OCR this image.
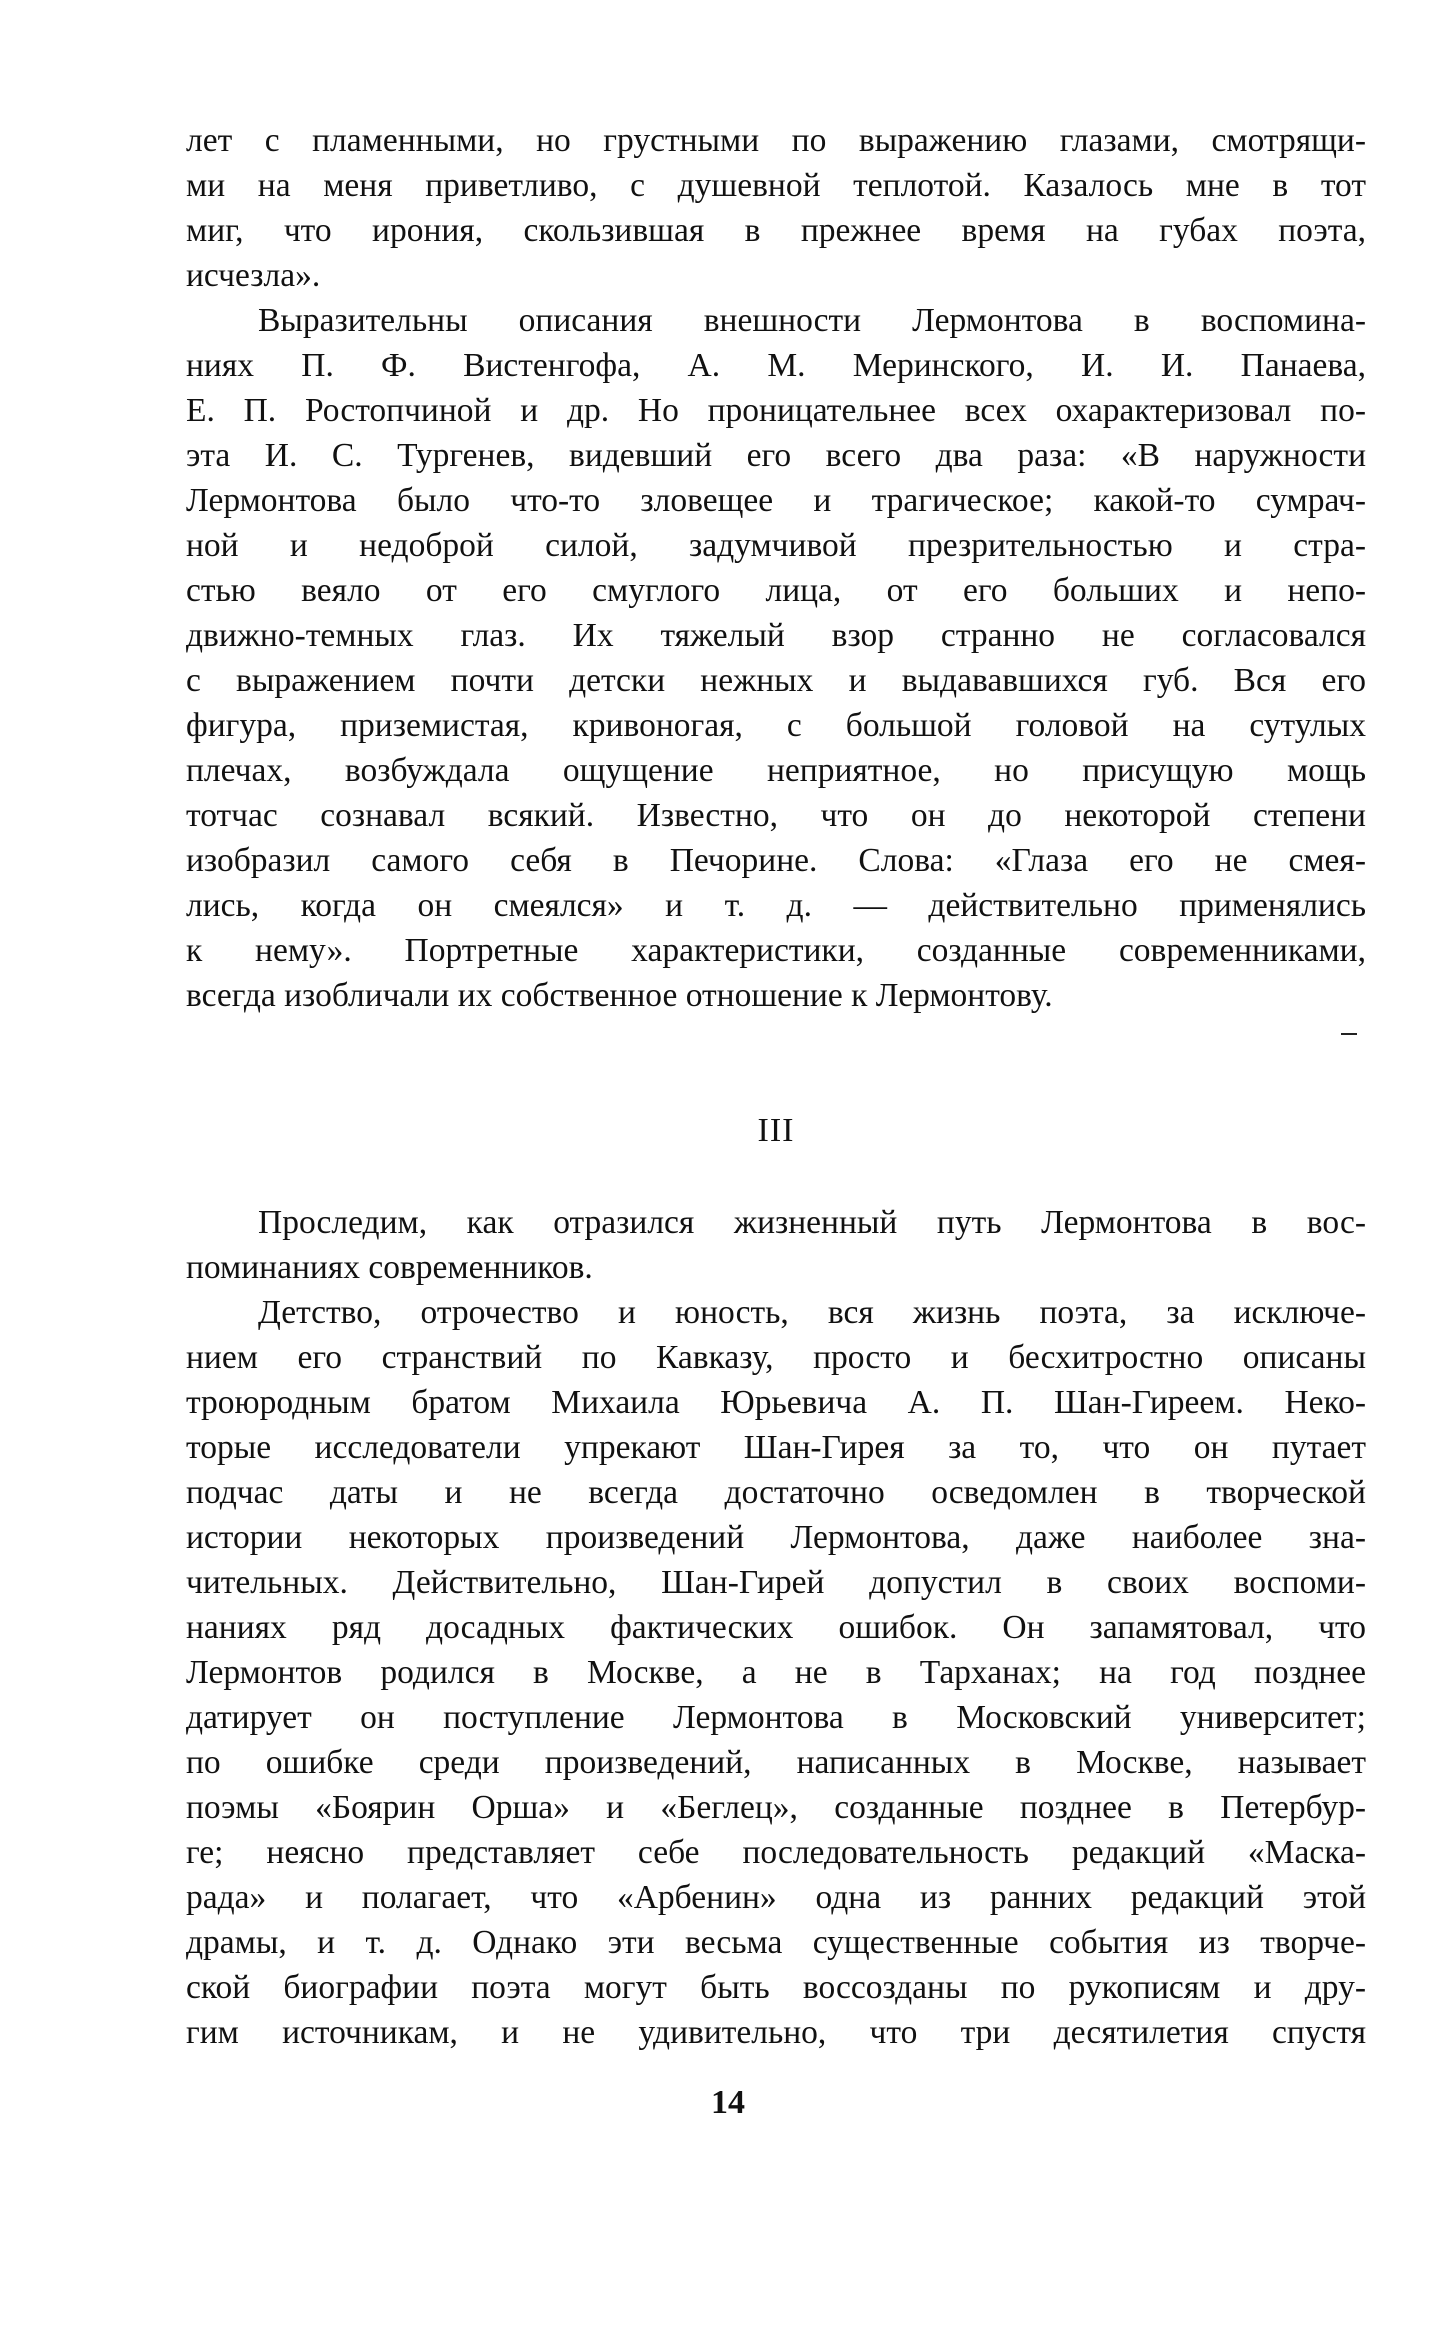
лет с пламенными, но грустными по выражению глазами, смотрящи-
ми на меня приветливо, с душевной теплотой. Казалось мне в тот
миг, что ирония, скользившая в прежнее время на губах поэта,
исчезла».

Выразительны описания внешности Лермонтова в воспомина-
ниях П. Ф. Вистенгофа, А. М. Меринского, И. И. Панаева,
Е. П. Ростопчиной и др. Но проницательнее всех охарактеризовал по-
эта И. С. Тургенев, видевший его всего два раза: «В наружности
Лермонтова было что-то зловещее и трагическое; какой-то сумрач-
ной и недоброй силой, задумчивой презрительностью и стра-
стью веяло от его смуглого лица, от его больших и непо-
движно-темных глаз. Их тяжелый взор странно не согласовался
с выражением почти детски нежных и выдававшихся губ. Вся его
фигура, приземистая, кривоногая, с большой головой на сутулых
плечах, возбуждала ощущение неприятное, но присущую мощь
тотчас сознавал всякий. Известно, что он до некоторой степени
изобразил самого себя в Печорине. Слова: «Глаза его не смея-
лись, когда он смеялся» и т. д. — действительно применялись
к нему». Портретные характеристики, созданные современниками,
всегда изобличали их собственное отношение к Лермонтову.

III

Проследим, как отразился жизненный путь Лермонтова в вос-
поминаниях современников.

Детство, отрочество и юность, вся жизнь поэта, за исключе-
нием его странствий по Кавказу, просто и бесхитростно описаны
троюродным братом Михаила Юрьевича А. П. Шан-Гиреем. Неко-
торые исследователи упрекают Шан-Гирея за то, что он путает
подчас даты и не всегда достаточно осведомлен в творческой
истории некоторых произведений Лермонтова, даже наиболее зна-
чительных. Действительно, Шан-Гирей допустил в своих воспоми-
наниях ряд досадных фактических ошибок. Он запамятовал, что
Лермонтов родился в Москве, а не в Тарханах; на год позднее
датирует он поступление Лермонтова в Московский университет;
по ошибке среди произведений, написанных в Москве, называет
поэмы «Боярин Орша» и «Беглец», созданные позднее в Петербур-
ге; неясно представляет себе последовательность редакций «Маска-
рада» и полагает, что «Арбенин» одна из ранних редакций этой
драмы, и т. д. Однако эти весьма существенные события из творче-
ской биографии поэта могут быть воссозданы по рукописям и дру-
гим источникам, и не удивительно, что три десятилетия спустя

14
